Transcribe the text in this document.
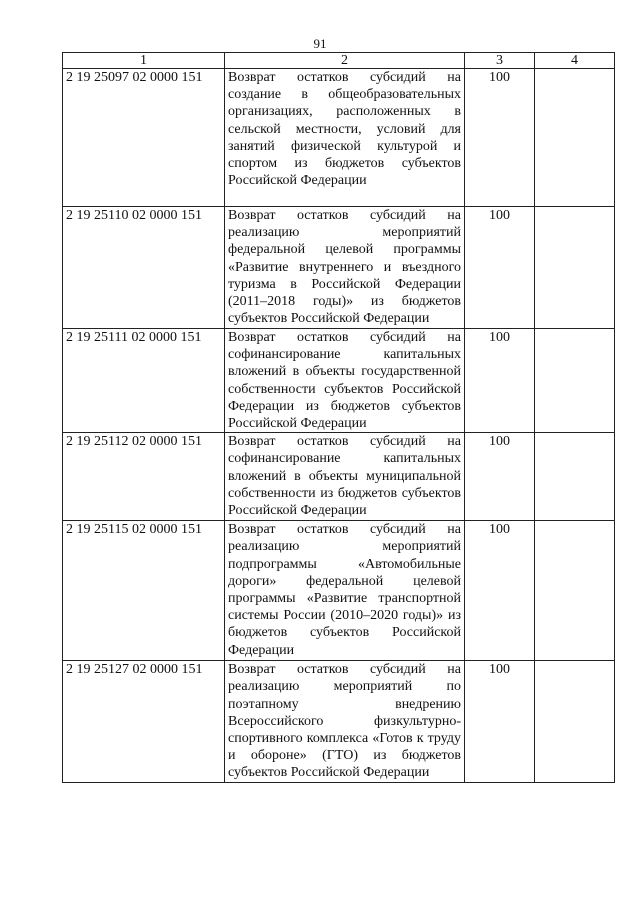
91
1	2	3	4
2 19 25097 02 0000 151	Возврат остатков субсидий на создание в общеобразовательных организациях, расположенных в сельской местности, условий для занятий физической культурой и спортом из бюджетов субъектов Российской Федерации	100	
2 19 25110 02 0000 151	Возврат остатков субсидий на реализацию мероприятий федеральной целевой программы «Развитие внутреннего и въездного туризма в Российской Федерации (2011–2018 годы)» из бюджетов субъектов Российской Федерации	100	
2 19 25111 02 0000 151	Возврат остатков субсидий на софинансирование капитальных вложений в объекты государственной собственности субъектов Российской Федерации из бюджетов субъектов Российской Федерации	100	
2 19 25112 02 0000 151	Возврат остатков субсидий на софинансирование капитальных вложений в объекты муниципальной собственности из бюджетов субъектов Российской Федерации	100	
2 19 25115 02 0000 151	Возврат остатков субсидий на реализацию мероприятий подпрограммы «Автомобильные дороги» федеральной целевой программы «Развитие транспортной системы России (2010–2020 годы)» из бюджетов субъектов Российской Федерации	100	
2 19 25127 02 0000 151	Возврат остатков субсидий на реализацию мероприятий по поэтапному внедрению Всероссийского физкультурно-спортивного комплекса «Готов к труду и обороне» (ГТО) из бюджетов субъектов Российской Федерации	100	
